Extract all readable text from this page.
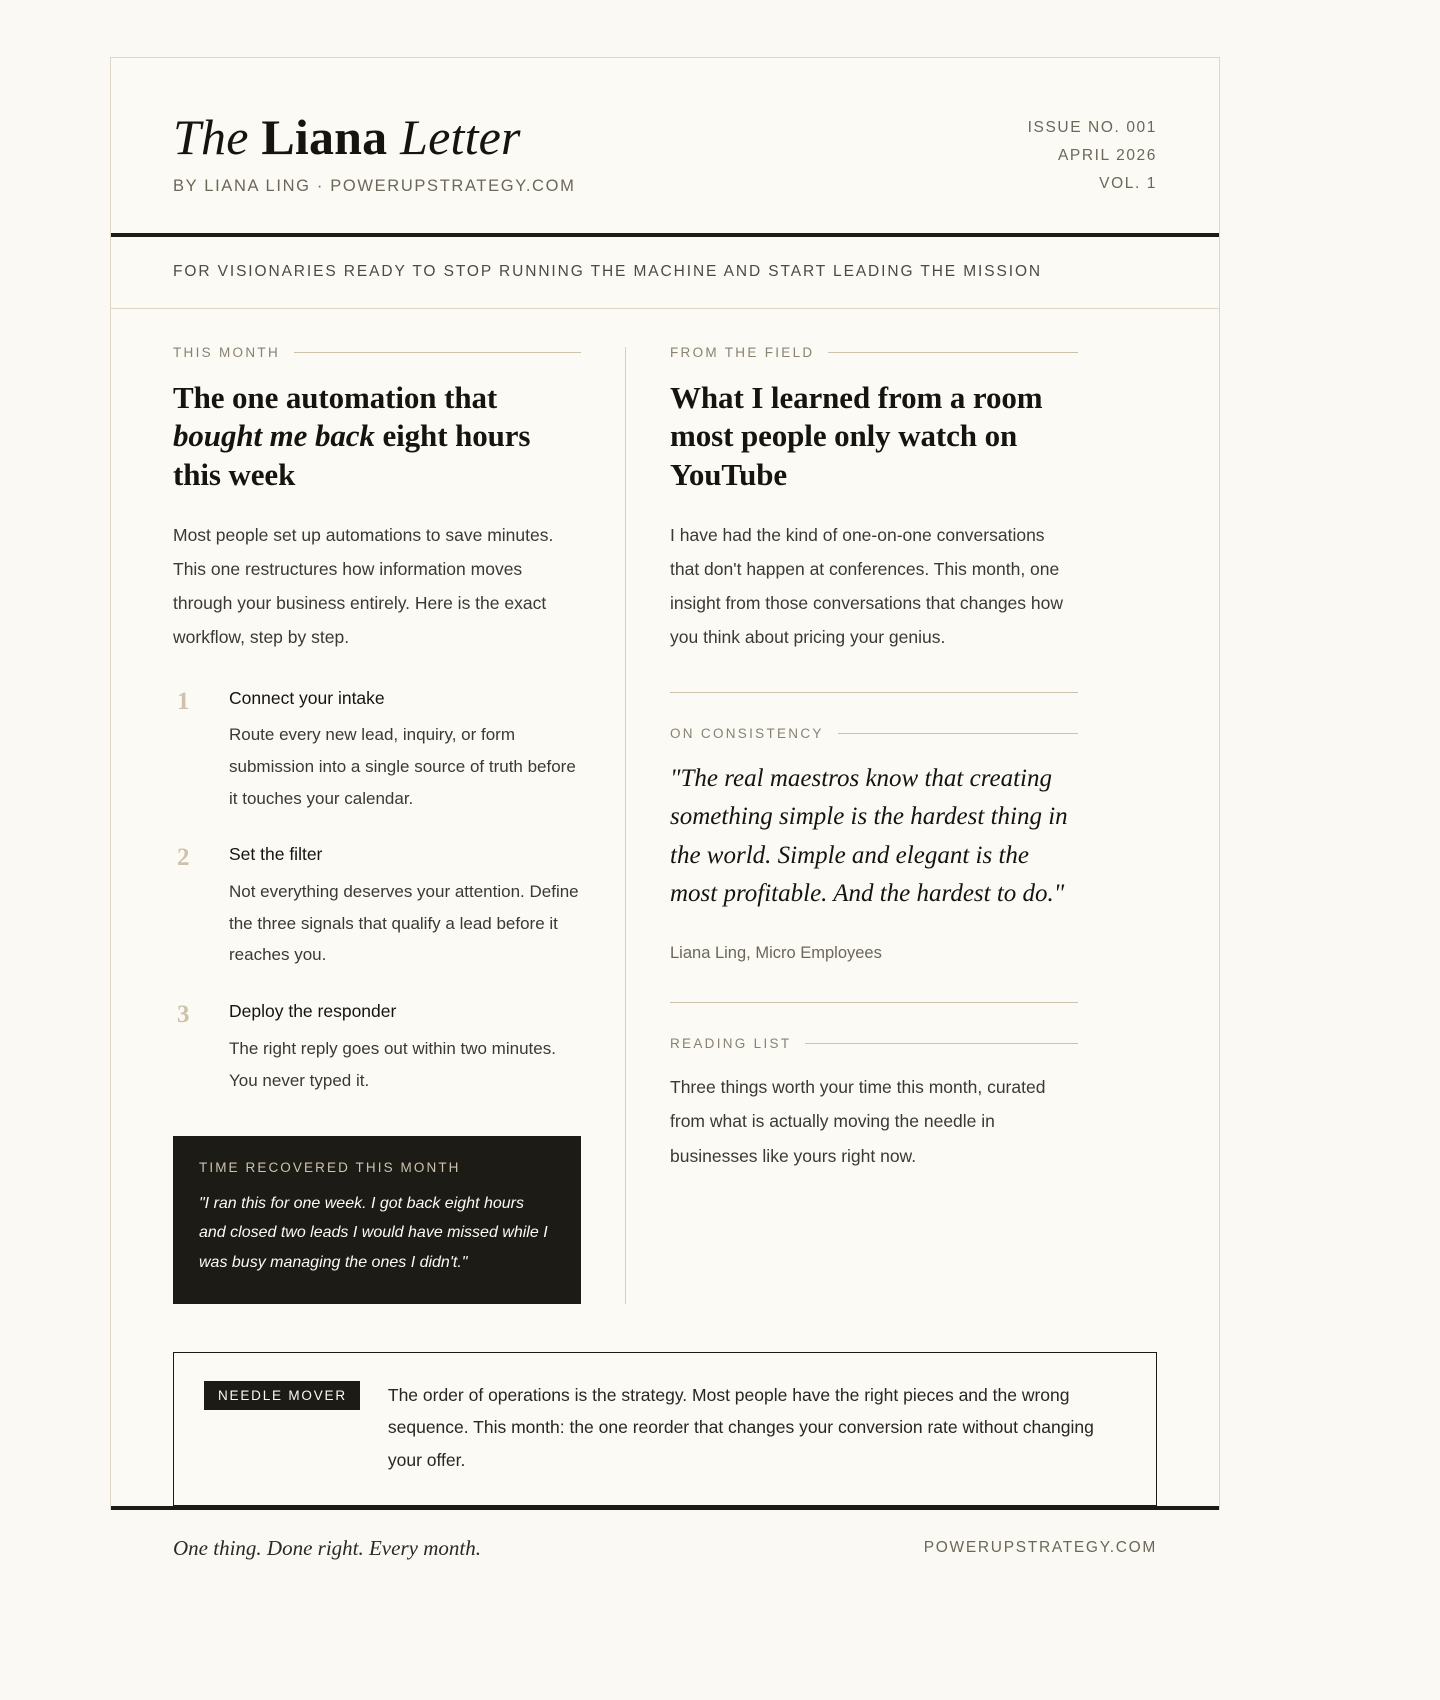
The Liana Letter
BY LIANA LING · POWERUPSTRATEGY.COM
ISSUE NO. 001
APRIL 2026
VOL. 1
FOR VISIONARIES READY TO STOP RUNNING THE MACHINE AND START LEADING THE MISSION
THIS MONTH
The one automation that bought me back eight hours this week

Most people set up automations to save minutes. This one restructures how information moves through your business entirely. Here is the exact workflow, step by step.

1	Connect your intake
Route every new lead, inquiry, or form submission into a single source of truth before it touches your calendar.
2	Set the filter
Not everything deserves your attention. Define the three signals that qualify a lead before it reaches you.
3	Deploy the responder
The right reply goes out within two minutes. You never typed it.
TIME RECOVERED THIS MONTH
"I ran this for one week. I got back eight hours and closed two leads I would have missed while I was busy managing the ones I didn't."
FROM THE FIELD
What I learned from a room most people only watch on YouTube

I have had the kind of one-on-one conversations that don't happen at conferences. This month, one insight from those conversations that changes how you think about pricing your genius.

ON CONSISTENCY
"The real maestros know that creating something simple is the hardest thing in the world. Simple and elegant is the most profitable. And the hardest to do."
Liana Ling, Micro Employees
READING LIST

Three things worth your time this month, curated from what is actually moving the needle in businesses like yours right now.

NEEDLE MOVER	The order of operations is the strategy. Most people have the right pieces and the wrong sequence. This month: the one reorder that changes your conversion rate without changing your offer.
One thing. Done right. Every month.	POWERUPSTRATEGY.COM
